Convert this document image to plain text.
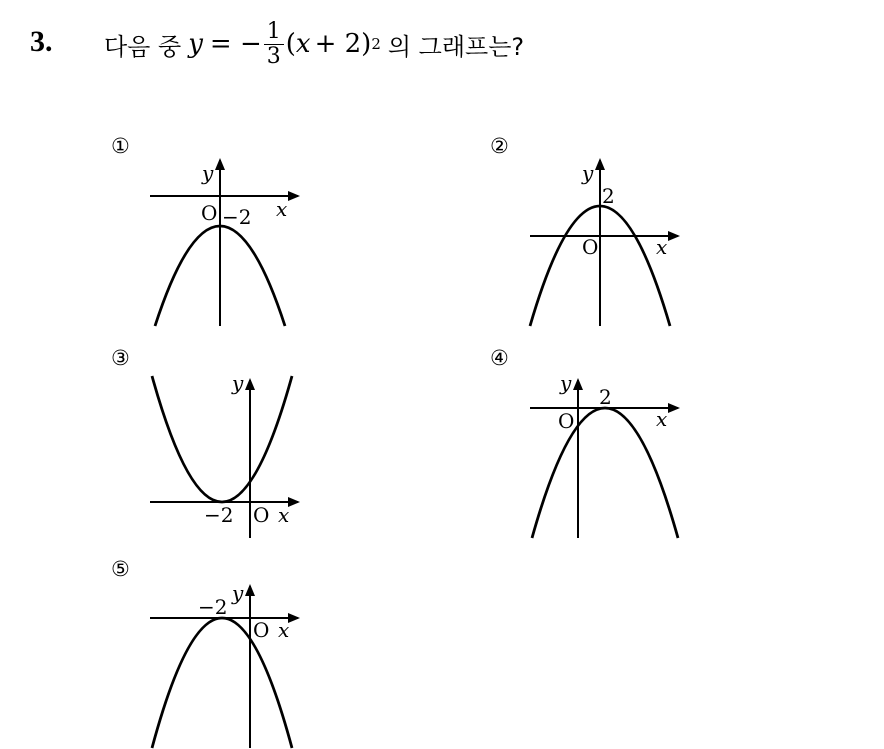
3. 다음 중 y = − $\frac{1}{3}$ ( x + 2) 2 의 그래프는?
①
O −2 x
y
②
O
2
x
y
③
O
−2 x
y
④
O
2
x
y
⑤
O
−2
x
y
